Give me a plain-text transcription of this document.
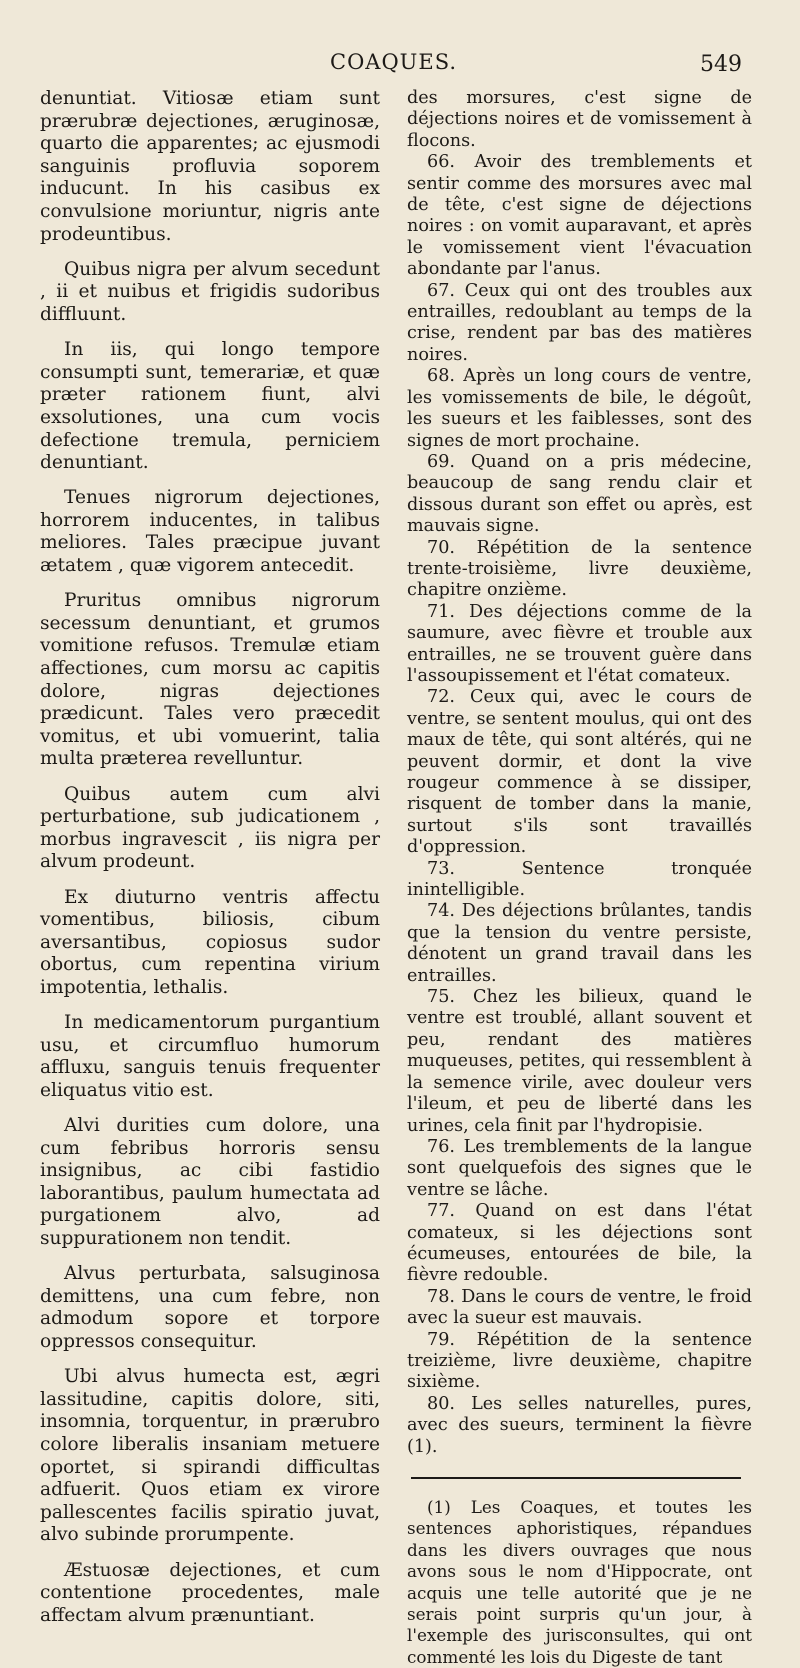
COAQUES.	549

denuntiat. Vitiosæ etiam sunt prærubræ dejectiones, æruginosæ, quarto die apparentes; ac ejusmodi sanguinis profluvia soporem inducunt. In his casibus ex convulsione moriuntur, nigris ante prodeuntibus.

Quibus nigra per alvum secedunt , ii et nuibus et frigidis sudoribus diffluunt.

In iis, qui longo tempore consumpti sunt, temerariæ, et quæ præter rationem fiunt, alvi exsolutiones, una cum vocis defectione tremula, perniciem denuntiant.

Tenues nigrorum dejectiones, horrorem inducentes, in talibus meliores. Tales præcipue juvant ætatem , quæ vigorem antecedit.

Pruritus omnibus nigrorum secessum denuntiant, et grumos vomitione refusos. Tremulæ etiam affectiones, cum morsu ac capitis dolore, nigras dejectiones prædicunt. Tales vero præcedit vomitus, et ubi vomuerint, talia multa præterea revelluntur.

Quibus autem cum alvi perturbatione, sub judicationem , morbus ingravescit , iis nigra per alvum prodeunt.

Ex diuturno ventris affectu vomentibus, biliosis, cibum aversantibus, copiosus sudor obortus, cum repentina virium impotentia, lethalis.

In medicamentorum purgantium usu, et circumfluo humorum affluxu, sanguis tenuis frequenter eliquatus vitio est.

Alvi durities cum dolore, una cum febribus horroris sensu insignibus, ac cibi fastidio laborantibus, paulum humectata ad purgationem alvo, ad suppurationem non tendit.

Alvus perturbata, salsuginosa demittens, una cum febre, non admodum sopore et torpore oppressos consequitur.

Ubi alvus humecta est, ægri lassitudine, capitis dolore, siti, insomnia, torquentur, in prærubro colore liberalis insaniam metuere oportet, si spirandi difficultas adfuerit. Quos etiam ex virore pallescentes facilis spiratio juvat, alvo subinde prorumpente.

Æstuosæ dejectiones, et cum contentione procedentes, male affectam alvum prænuntiant.

des morsures, c'est signe de déjections noires et de vomissement à flocons.

66. Avoir des tremblements et sentir comme des morsures avec mal de tête, c'est signe de déjections noires : on vomit auparavant, et après le vomissement vient l'évacuation abondante par l'anus.

67. Ceux qui ont des troubles aux entrailles, redoublant au temps de la crise, rendent par bas des matières noires.

68. Après un long cours de ventre, les vomissements de bile, le dégoût, les sueurs et les faiblesses, sont des signes de mort prochaine.

69. Quand on a pris médecine, beaucoup de sang rendu clair et dissous durant son effet ou après, est mauvais signe.

70. Répétition de la sentence trente-troisième, livre deuxième, chapitre onzième.

71. Des déjections comme de la saumure, avec fièvre et trouble aux entrailles, ne se trouvent guère dans l'assoupissement et l'état comateux.

72. Ceux qui, avec le cours de ventre, se sentent moulus, qui ont des maux de tête, qui sont altérés, qui ne peuvent dormir, et dont la vive rougeur commence à se dissiper, risquent de tomber dans la manie, surtout s'ils sont travaillés d'oppression.

73. Sentence tronquée inintelligible.

74. Des déjections brûlantes, tandis que la tension du ventre persiste, dénotent un grand travail dans les entrailles.

75. Chez les bilieux, quand le ventre est troublé, allant souvent et peu, rendant des matières muqueuses, petites, qui ressemblent à la semence virile, avec douleur vers l'ileum, et peu de liberté dans les urines, cela finit par l'hydropisie.

76. Les tremblements de la langue sont quelquefois des signes que le ventre se lâche.

77. Quand on est dans l'état comateux, si les déjections sont écumeuses, entourées de bile, la fièvre redouble.

78. Dans le cours de ventre, le froid avec la sueur est mauvais.

79. Répétition de la sentence treizième, livre deuxième, chapitre sixième.

80. Les selles naturelles, pures, avec des sueurs, terminent la fièvre (1).

(1) Les Coaques, et toutes les sentences aphoristiques, répandues dans les divers ouvrages que nous avons sous le nom d'Hippocrate, ont acquis une telle autorité que je ne serais point surpris qu'un jour, à l'exemple des jurisconsultes, qui ont commenté les lois du Digeste de tant
